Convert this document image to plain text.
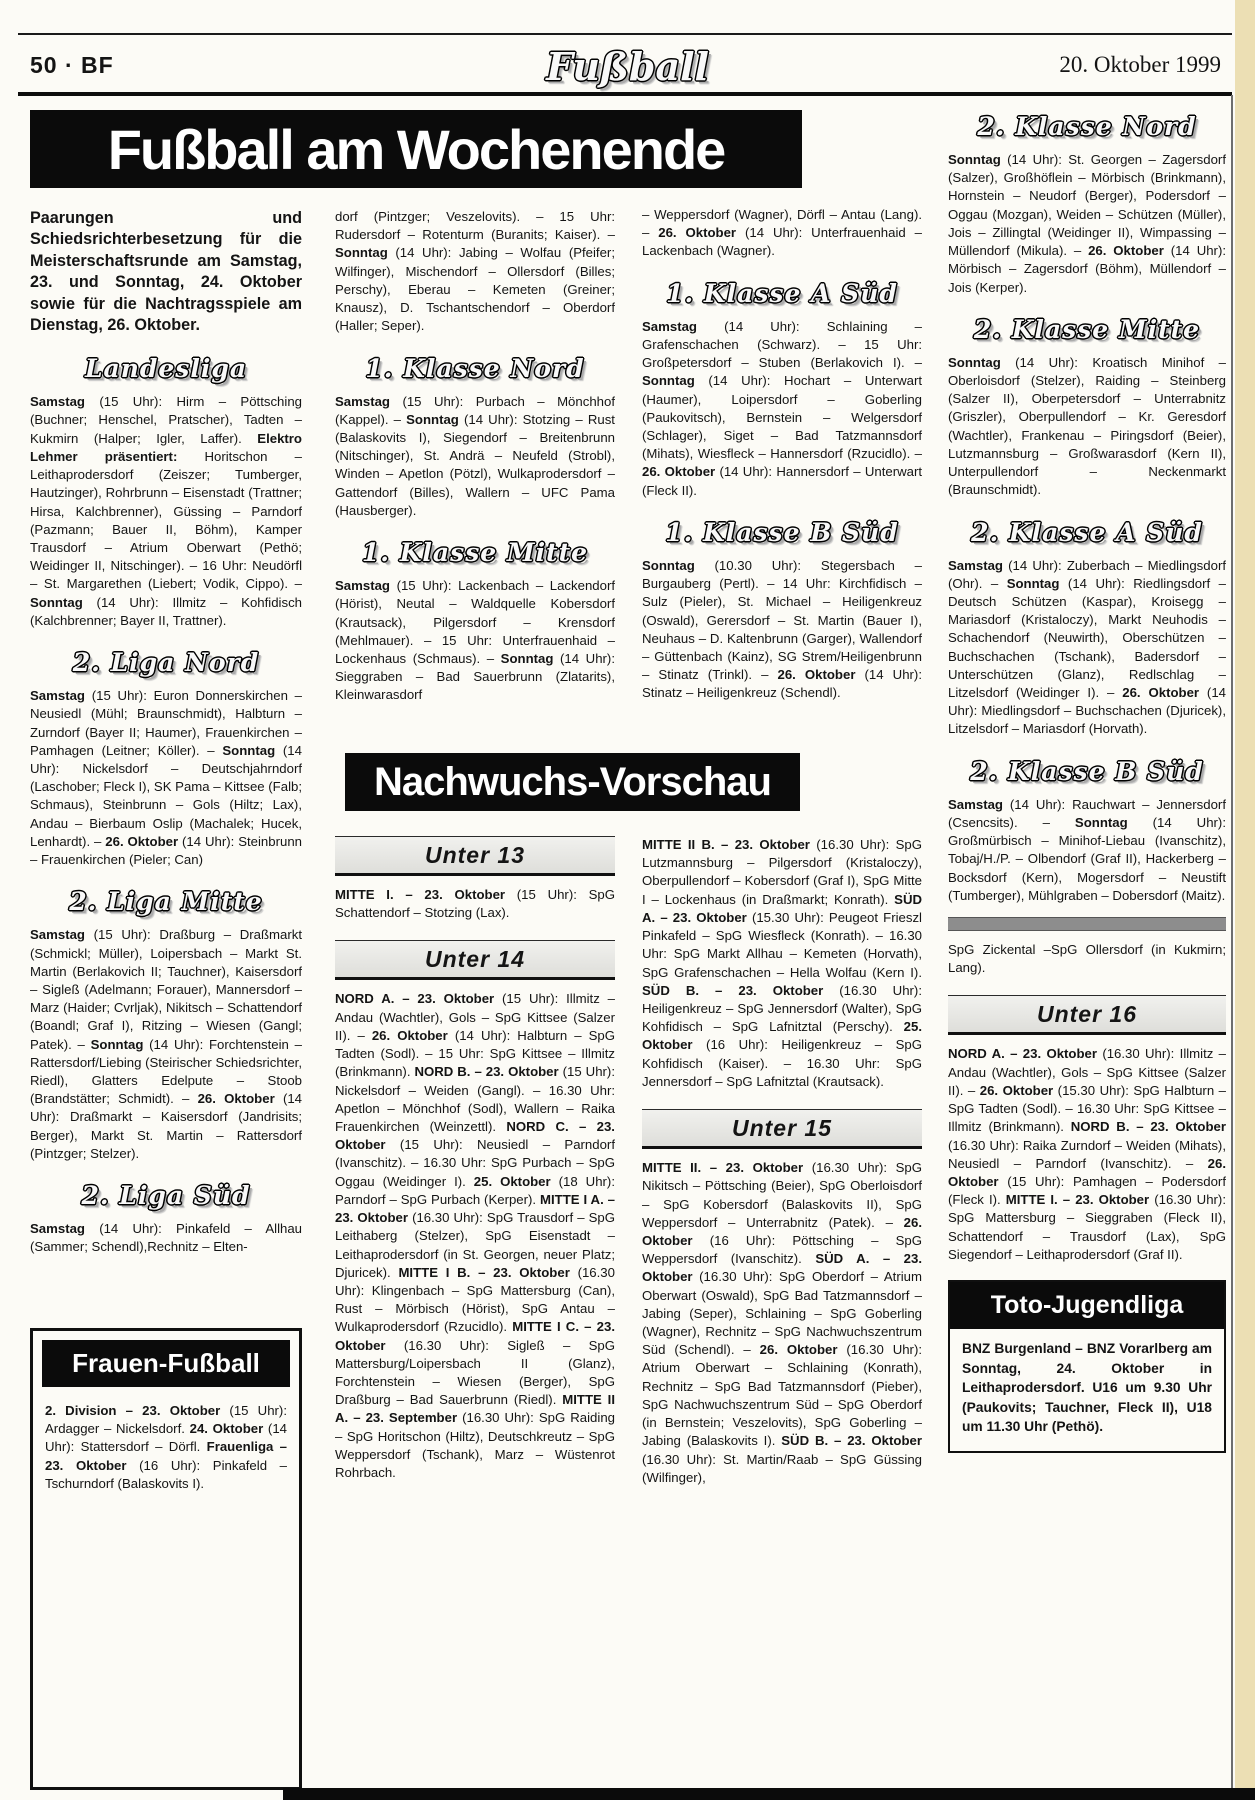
50 · BF	Fußball	20. Oktober 1999
Fußball am Wochenende
Nachwuchs-Vorschau

Paarungen und Schiedsrichterbesetzung für die Meisterschaftsrunde am Samstag, 23. und Sonntag, 24. Oktober sowie für die Nachtragsspiele am Dienstag, 26. Oktober.

Landesliga

Samstag (15 Uhr): Hirm – Pöttsching (Buchner; Henschel, Pratscher), Tadten – Kukmirn (Halper; Igler, Laffer). Elektro Lehmer präsentiert: Horitschon – Leithaprodersdorf (Zeiszer; Tumberger, Hautzinger), Rohrbrunn – Eisenstadt (Trattner; Hirsa, Kalchbrenner), Güssing – Parndorf (Pazmann; Bauer II, Böhm), Kamper Trausdorf – Atrium Oberwart (Pethö; Weidinger II, Nitschinger). – 16 Uhr: Neudörfl – St. Margarethen (Liebert; Vodik, Cippo). – Sonntag (14 Uhr): Illmitz – Kohfidisch (Kalchbrenner; Bayer II, Trattner).

2. Liga Nord

Samstag (15 Uhr): Euron Donnerskirchen – Neusiedl (Mühl; Braunschmidt), Halbturn – Zurndorf (Bayer II; Haumer), Frauenkirchen – Pamhagen (Leitner; Köller). – Sonntag (14 Uhr): Nickelsdorf – Deutschjahrndorf (Laschober; Fleck I), SK Pama – Kittsee (Falb; Schmaus), Steinbrunn – Gols (Hiltz; Lax), Andau – Bierbaum Oslip (Machalek; Hucek, Lenhardt). – 26. Oktober (14 Uhr): Steinbrunn – Frauenkirchen (Pieler; Can)

2. Liga Mitte

Samstag (15 Uhr): Draßburg – Draßmarkt (Schmickl; Müller), Loipersbach – Markt St. Martin (Berlakovich II; Tauchner), Kaisersdorf – Sigleß (Adelmann; Forauer), Mannersdorf – Marz (Haider; Cvrljak), Nikitsch – Schattendorf (Boandl; Graf I), Ritzing – Wiesen (Gangl; Patek). – Sonntag (14 Uhr): Forchtenstein – Rattersdorf/Liebing (Steirischer Schiedsrichter, Riedl), Glatters Edelpute – Stoob (Brandstätter; Schmidt). – 26. Oktober (14 Uhr): Draßmarkt – Kaisersdorf (Jandrisits; Berger), Markt St. Martin – Rattersdorf (Pintzger; Stelzer).

2. Liga Süd

Samstag (14 Uhr): Pinkafeld – Allhau (Sammer; Schendl),Rechnitz – Elten-

Frauen-Fußball

2. Division – 23. Oktober (15 Uhr): Ardagger – Nickelsdorf. 24. Oktober (14 Uhr): Stattersdorf – Dörfl. Frauenliga – 23. Oktober (16 Uhr): Pinkafeld – Tschurndorf (Balaskovits I).

dorf (Pintzger; Veszelovits). – 15 Uhr: Rudersdorf – Rotenturm (Buranits; Kaiser). – Sonntag (14 Uhr): Jabing – Wolfau (Pfeifer; Wilfinger), Mischendorf – Ollersdorf (Billes; Perschy), Eberau – Kemeten (Greiner; Knausz), D. Tschantschendorf – Oberdorf (Haller; Seper).

1. Klasse Nord

Samstag (15 Uhr): Purbach – Mönchhof (Kappel). – Sonntag (14 Uhr): Stotzing – Rust (Balaskovits I), Siegendorf – Breitenbrunn (Nitschinger), St. Andrä – Neufeld (Strobl), Winden – Apetlon (Pötzl), Wulkaprodersdorf – Gattendorf (Billes), Wallern – UFC Pama (Hausberger).

1. Klasse Mitte

Samstag (15 Uhr): Lackenbach – Lackendorf (Hörist), Neutal – Waldquelle Kobersdorf (Krautsack), Pilgersdorf – Krensdorf (Mehlmauer). – 15 Uhr: Unterfrauenhaid – Lockenhaus (Schmaus). – Sonntag (14 Uhr): Sieggraben – Bad Sauerbrunn (Zlatarits), Kleinwarasdorf

Unter 13

MITTE I. – 23. Oktober (15 Uhr): SpG Schattendorf – Stotzing (Lax).

Unter 14

NORD A. – 23. Oktober (15 Uhr): Illmitz – Andau (Wachtler), Gols – SpG Kittsee (Salzer II). – 26. Oktober (14 Uhr): Halbturn – SpG Tadten (Sodl). – 15 Uhr: SpG Kittsee – Illmitz (Brinkmann). NORD B. – 23. Oktober (15 Uhr): Nickelsdorf – Weiden (Gangl). – 16.30 Uhr: Apetlon – Mönchhof (Sodl), Wallern – Raika Frauenkirchen (Weinzettl). NORD C. – 23. Oktober (15 Uhr): Neusiedl – Parndorf (Ivanschitz). – 16.30 Uhr: SpG Purbach – SpG Oggau (Weidinger I). 25. Oktober (18 Uhr): Parndorf – SpG Purbach (Kerper). MITTE I A. – 23. Oktober (16.30 Uhr): SpG Trausdorf – SpG Leithaberg (Stelzer), SpG Eisenstadt – Leithaprodersdorf (in St. Georgen, neuer Platz; Djuricek). MITTE I B. – 23. Oktober (16.30 Uhr): Klingenbach – SpG Mattersburg (Can), Rust – Mörbisch (Hörist), SpG Antau – Wulkaprodersdorf (Rzucidlo). MITTE I C. – 23. Oktober (16.30 Uhr): Sigleß – SpG Mattersburg/Loipersbach II (Glanz), Forchtenstein – Wiesen (Berger), SpG Draßburg – Bad Sauerbrunn (Riedl). MITTE II A. – 23. September (16.30 Uhr): SpG Raiding – SpG Horitschon (Hiltz), Deutschkreutz – SpG Weppersdorf (Tschank), Marz – Wüstenrot Rohrbach.

– Weppersdorf (Wagner), Dörfl – Antau (Lang). – 26. Oktober (14 Uhr): Unterfrauenhaid – Lackenbach (Wagner).

1. Klasse A Süd

Samstag (14 Uhr): Schlaining – Grafenschachen (Schwarz). – 15 Uhr: Großpetersdorf – Stuben (Berlakovich I). – Sonntag (14 Uhr): Hochart – Unterwart (Haumer), Loipersdorf – Goberling (Paukovitsch), Bernstein – Welgersdorf (Schlager), Siget – Bad Tatzmannsdorf (Mihats), Wiesfleck – Hannersdorf (Rzucidlo). – 26. Oktober (14 Uhr): Hannersdorf – Unterwart (Fleck II).

1. Klasse B Süd

Sonntag (10.30 Uhr): Stegersbach – Burgauberg (Pertl). – 14 Uhr: Kirchfidisch – Sulz (Pieler), St. Michael – Heiligenkreuz (Oswald), Gerersdorf – St. Martin (Bauer I), Neuhaus – D. Kaltenbrunn (Garger), Wallendorf – Güttenbach (Kainz), SG Strem/Heiligenbrunn – Stinatz (Trinkl). – 26. Oktober (14 Uhr): Stinatz – Heiligenkreuz (Schendl).

MITTE II B. – 23. Oktober (16.30 Uhr): SpG Lutzmannsburg – Pilgersdorf (Kristaloczy), Oberpullendorf – Kobersdorf (Graf I), SpG Mitte I – Lockenhaus (in Draßmarkt; Konrath). SÜD A. – 23. Oktober (15.30 Uhr): Peugeot Frieszl Pinkafeld – SpG Wiesfleck (Konrath). – 16.30 Uhr: SpG Markt Allhau – Kemeten (Horvath), SpG Grafenschachen – Hella Wolfau (Kern I). SÜD B. – 23. Oktober (16.30 Uhr): Heiligenkreuz – SpG Jennersdorf (Walter), SpG Kohfidisch – SpG Lafnitztal (Perschy). 25. Oktober (16 Uhr): Heiligenkreuz – SpG Kohfidisch (Kaiser). – 16.30 Uhr: SpG Jennersdorf – SpG Lafnitztal (Krautsack).

Unter 15

MITTE II. – 23. Oktober (16.30 Uhr): SpG Nikitsch – Pöttsching (Beier), SpG Oberloisdorf – SpG Kobersdorf (Balaskovits II), SpG Weppersdorf – Unterrabnitz (Patek). – 26. Oktober (16 Uhr): Pöttsching – SpG Weppersdorf (Ivanschitz). SÜD A. – 23. Oktober (16.30 Uhr): SpG Oberdorf – Atrium Oberwart (Oswald), SpG Bad Tatzmannsdorf – Jabing (Seper), Schlaining – SpG Goberling (Wagner), Rechnitz – SpG Nachwuchszentrum Süd (Schendl). – 26. Oktober (16.30 Uhr): Atrium Oberwart – Schlaining (Konrath), Rechnitz – SpG Bad Tatzmannsdorf (Pieber), SpG Nachwuchszentrum Süd – SpG Oberdorf (in Bernstein; Veszelovits), SpG Goberling – Jabing (Balaskovits I). SÜD B. – 23. Oktober (16.30 Uhr): St. Martin/Raab – SpG Güssing (Wilfinger),

2. Klasse Nord

Sonntag (14 Uhr): St. Georgen – Zagersdorf (Salzer), Großhöflein – Mörbisch (Brinkmann), Hornstein – Neudorf (Berger), Podersdorf – Oggau (Mozgan), Weiden – Schützen (Müller), Jois – Zillingtal (Weidinger II), Wimpassing – Müllendorf (Mikula). – 26. Oktober (14 Uhr): Mörbisch – Zagersdorf (Böhm), Müllendorf – Jois (Kerper).

2. Klasse Mitte

Sonntag (14 Uhr): Kroatisch Minihof – Oberloisdorf (Stelzer), Raiding – Steinberg (Salzer II), Oberpetersdorf – Unterrabnitz (Griszler), Oberpullendorf – Kr. Geresdorf (Wachtler), Frankenau – Piringsdorf (Beier), Lutzmannsburg – Großwarasdorf (Kern II), Unterpullendorf – Neckenmarkt (Braunschmidt).

2. Klasse A Süd

Samstag (14 Uhr): Zuberbach – Miedlingsdorf (Ohr). – Sonntag (14 Uhr): Riedlingsdorf – Deutsch Schützen (Kaspar), Kroisegg – Mariasdorf (Kristaloczy), Markt Neuhodis – Schachendorf (Neuwirth), Oberschützen – Buchschachen (Tschank), Badersdorf – Unterschützen (Glanz), Redlschlag – Litzelsdorf (Weidinger I). – 26. Oktober (14 Uhr): Miedlingsdorf – Buchschachen (Djuricek), Litzelsdorf – Mariasdorf (Horvath).

2. Klasse B Süd

Samstag (14 Uhr): Rauchwart – Jennersdorf (Csencsits). – Sonntag (14 Uhr): Großmürbisch – Minihof-Liebau (Ivanschitz), Tobaj/H./P. – Olbendorf (Graf II), Hackerberg – Bocksdorf (Kern), Mogersdorf – Neustift (Tumberger), Mühlgraben – Dobersdorf (Maitz).

SpG Zickental –SpG Ollersdorf (in Kukmirn; Lang).

Unter 16

NORD A. – 23. Oktober (16.30 Uhr): Illmitz – Andau (Wachtler), Gols – SpG Kittsee (Salzer II). – 26. Oktober (15.30 Uhr): SpG Halbturn – SpG Tadten (Sodl). – 16.30 Uhr: SpG Kittsee – Illmitz (Brinkmann). NORD B. – 23. Oktober (16.30 Uhr): Raika Zurndorf – Weiden (Mihats), Neusiedl – Parndorf (Ivanschitz). – 26. Oktober (15 Uhr): Pamhagen – Podersdorf (Fleck I). MITTE I. – 23. Oktober (16.30 Uhr): SpG Mattersburg – Sieggraben (Fleck II), Schattendorf – Trausdorf (Lax), SpG Siegendorf – Leithaprodersdorf (Graf II).

Toto-Jugendliga

BNZ Burgenland – BNZ Vorarlberg am Sonntag, 24. Oktober in Leithaprodersdorf. U16 um 9.30 Uhr (Paukovits; Tauchner, Fleck II), U18 um 11.30 Uhr (Pethö).
